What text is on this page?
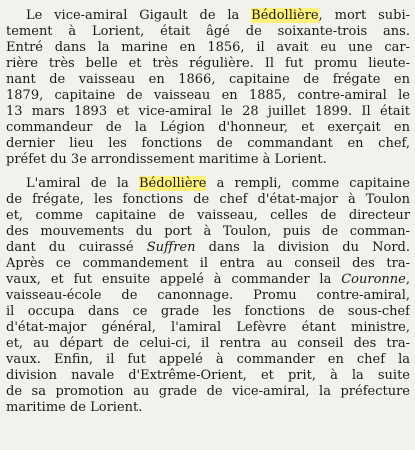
Le vice-amiral Gigault de la Bédollière, mort subi-
tement à Lorient, était âgé de soixante-trois ans.
Entré dans la marine en 1856, il avait eu une car-
rière très belle et très régulière. Il fut promu lieute-
nant de vaisseau en 1866, capitaine de frégate en
1879, capitaine de vaisseau en 1885, contre-amiral le
13 mars 1893 et vice-amiral le 28 juillet 1899. Il était
commandeur de la Légion d'honneur, et exerçait en
dernier lieu les fonctions de commandant en chef,
préfet du 3e arrondissement maritime à Lorient.
L'amiral de la Bédollière a rempli, comme capitaine
de frégate, les fonctions de chef d'état-major à Toulon
et, comme capitaine de vaisseau, celles de directeur
des mouvements du port à Toulon, puis de comman-
dant du cuirassé Suffren dans la division du Nord.
Après ce commandement il entra au conseil des tra-
vaux, et fut ensuite appelé à commander la Couronne,
vaisseau-école de canonnage. Promu contre-amiral,
il occupa dans ce grade les fonctions de sous-chef
d'état-major général, l'amiral Lefèvre étant ministre,
et, au départ de celui-ci, il rentra au conseil des tra-
vaux. Enfin, il fut appelé à commander en chef la
division navale d'Extrême-Orient, et prit, à la suite
de sa promotion au grade de vice-amiral, la préfecture
maritime de Lorient.
